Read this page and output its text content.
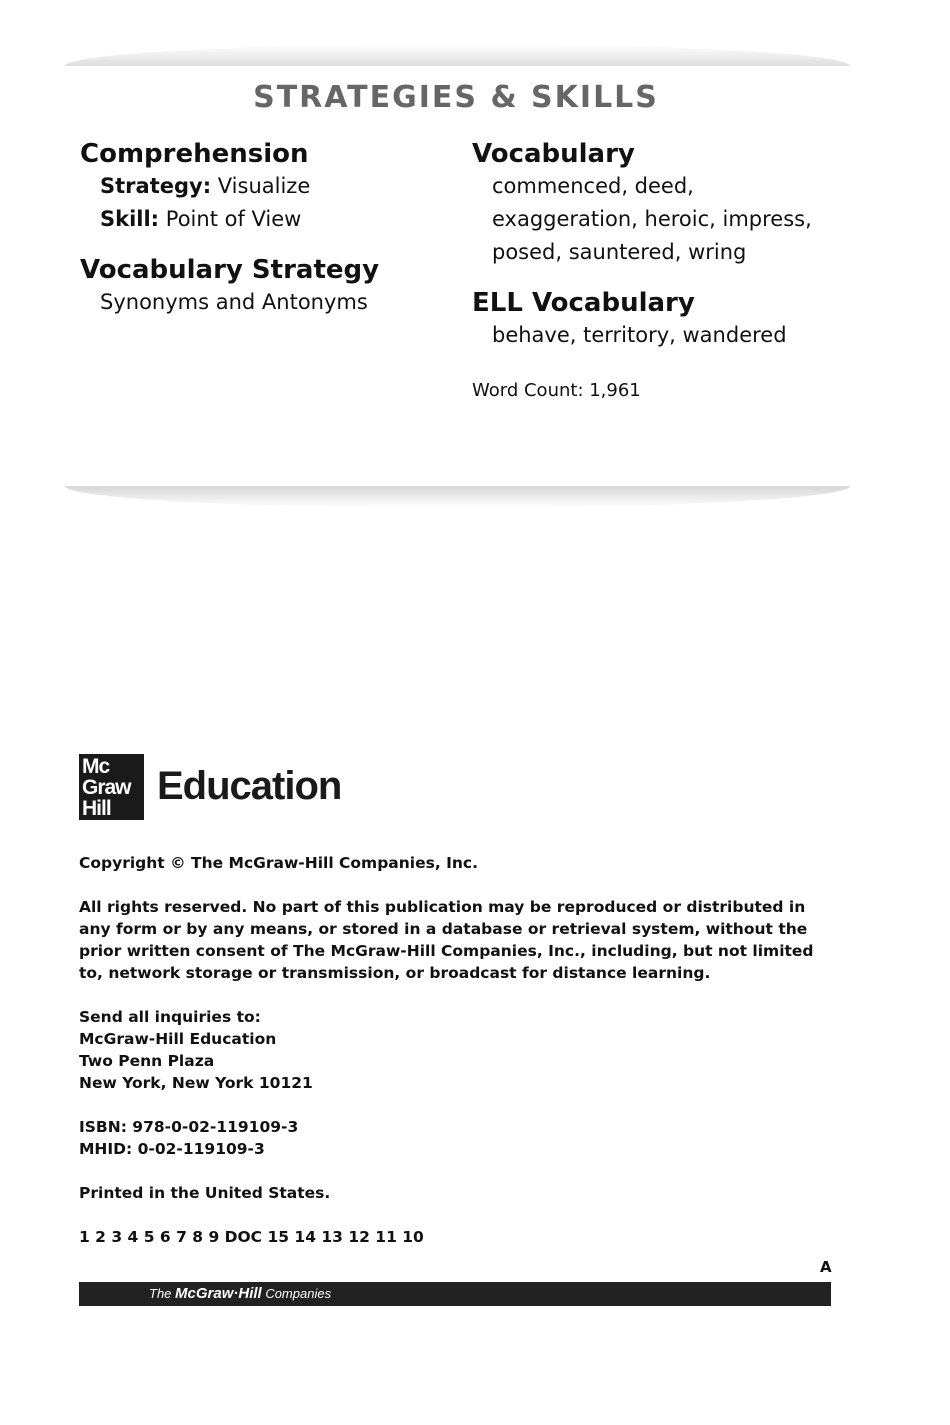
STRATEGIES & SKILLS
Comprehension
Strategy: Visualize
Skill: Point of View
Vocabulary Strategy
Synonyms and Antonyms
Vocabulary
commenced, deed,
exaggeration, heroic, impress,
posed, sauntered, wring
ELL Vocabulary
behave, territory, wandered
Word Count: 1,961
Mc
Graw
Hill
Education

Copyright © The McGraw-Hill Companies, Inc.

All rights reserved. No part of this publication may be reproduced or distributed in any form or by any means, or stored in a database or retrieval system, without the prior written consent of The McGraw-Hill Companies, Inc., including, but not limited to, network storage or transmission, or broadcast for distance learning.

Send all inquiries to:
McGraw-Hill Education
Two Penn Plaza
New York, New York 10121

ISBN: 978-0-02-119109-3
MHID: 0-02-119109-3

Printed in the United States.

1 2 3 4 5 6 7 8 9 DOC 15 14 13 12 11 10

A
The McGraw·Hill Companies
